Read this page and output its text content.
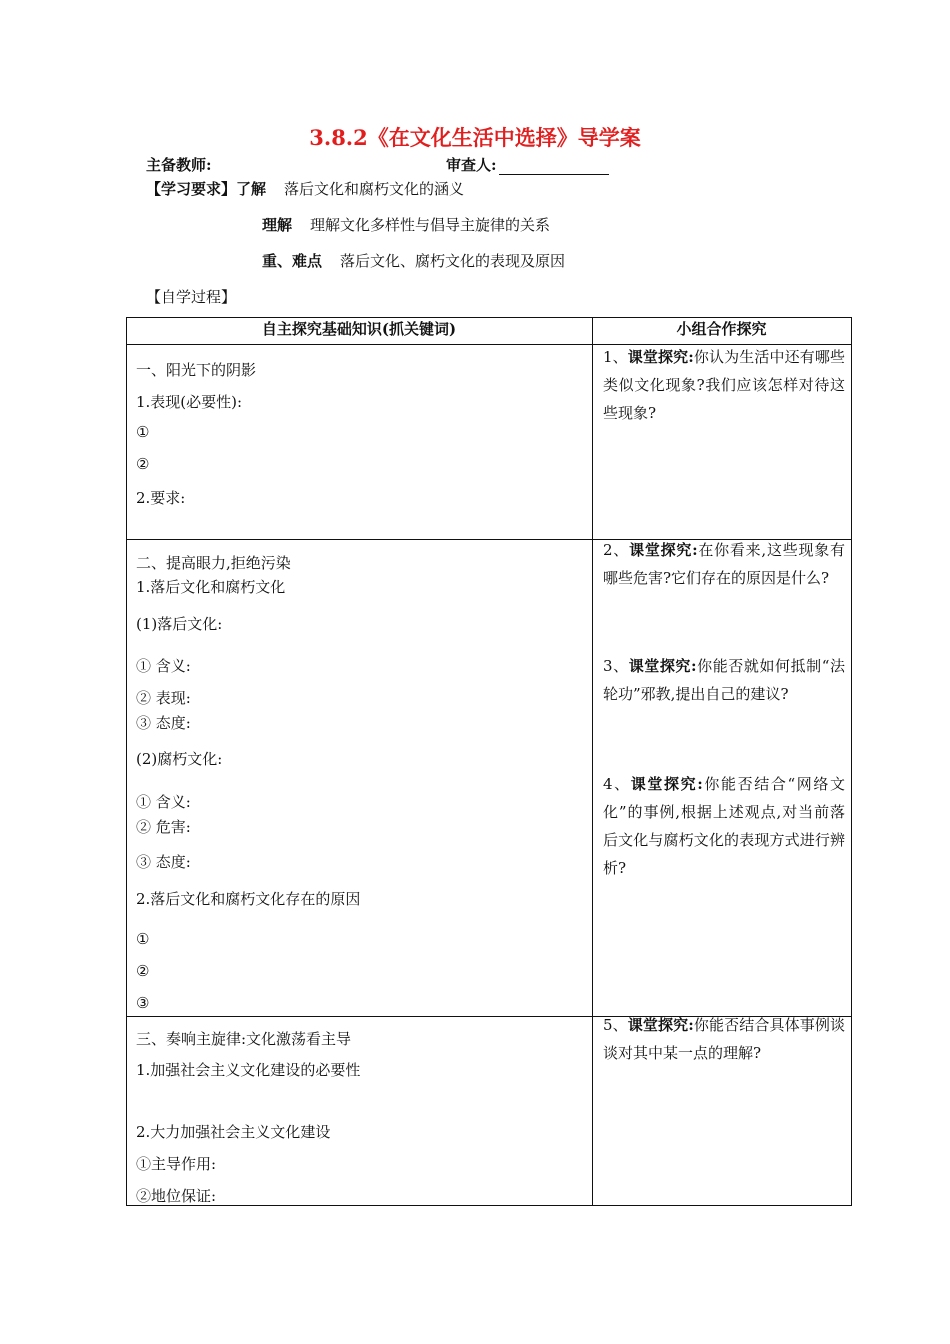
3.8.2《在文化生活中选择》导学案
主备教师:	审查人:
【学习要求】了解 落后文化和腐朽文化的涵义
理解 理解文化多样性与倡导主旋律的关系
重、难点 落后文化、腐朽文化的表现及原因
【自学过程】
自主探究基础知识(抓关键词)	小组合作探究
一、阳光下的阴影
1.表现(必要性):
①
②
2.要求:
二、提高眼力,拒绝污染
1.落后文化和腐朽文化
(1)落后文化:
① 含义:
② 表现:
③ 态度:
(2)腐朽文化:
① 含义:
② 危害:
③ 态度:
2.落后文化和腐朽文化存在的原因
①
②
③
三、奏响主旋律:文化激荡看主导
1.加强社会主义文化建设的必要性
2.大力加强社会主义文化建设
①主导作用:
②地位保证:
1、课堂探究:你认为生活中还有哪些类似文化现象?我们应该怎样对待这些现象?
2、课堂探究:在你看来,这些现象有哪些危害?它们存在的原因是什么?
3、课堂探究:你能否就如何抵制“法轮功”邪教,提出自己的建议?
4、课堂探究:你能否结合“网络文化”的事例,根据上述观点,对当前落后文化与腐朽文化的表现方式进行辨析?
5、课堂探究:你能否结合具体事例谈谈对其中某一点的理解?
